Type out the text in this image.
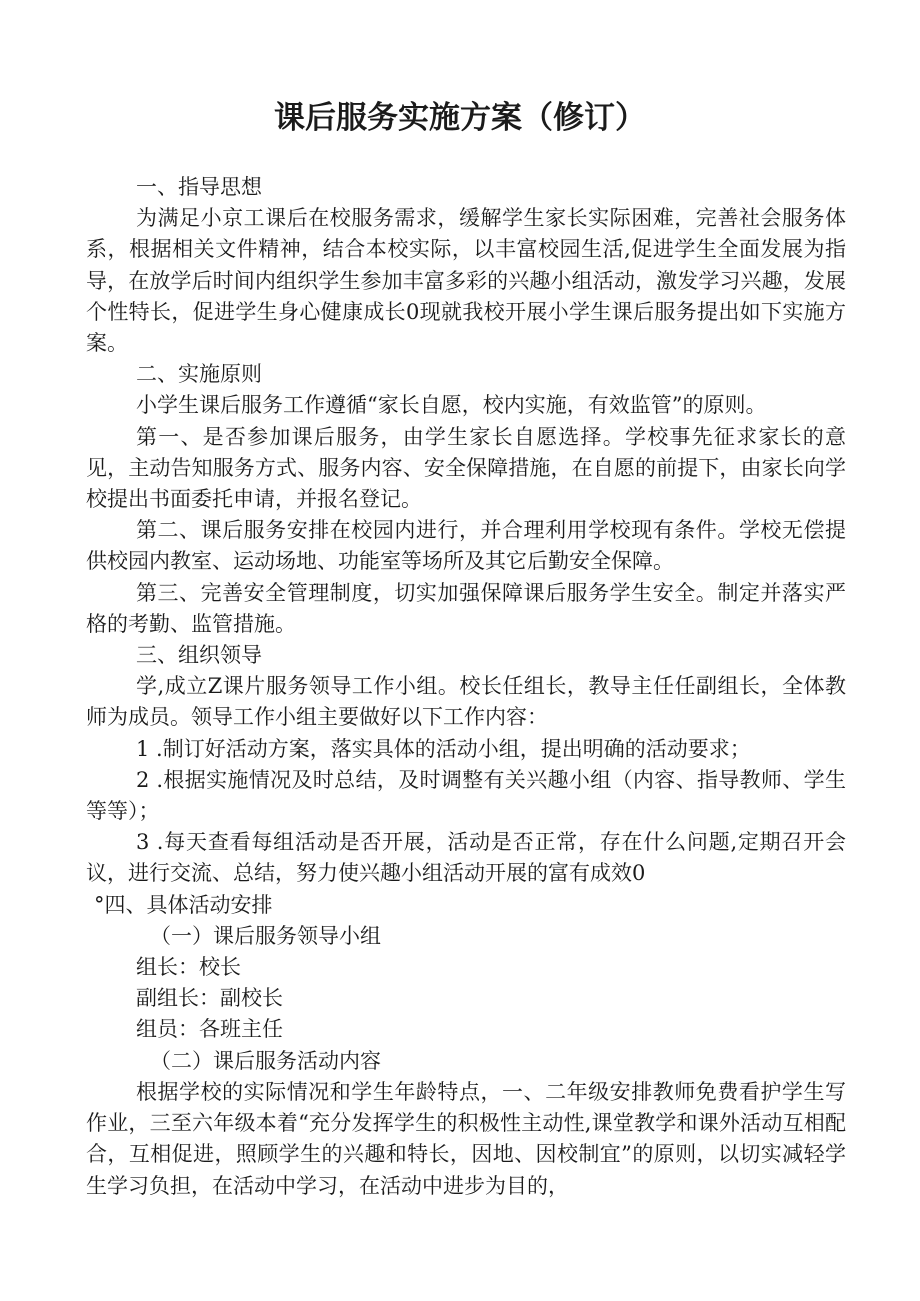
课后服务实施方案（修订）

一、指导思想

为满足小京工课后在校服务需求，缓解学生家长实际困难，完善社会服务体系，根据相关文件精神，结合本校实际，以丰富校园生活,促进学生全面发展为指导，在放学后时间内组织学生参加丰富多彩的兴趣小组活动，激发学习兴趣，发展个性特长，促进学生身心健康成长0现就我校开展小学生课后服务提出如下实施方案。

二、实施原则

小学生课后服务工作遵循“家长自愿，校内实施，有效监管”的原则。

第一、是否参加课后服务，由学生家长自愿选择。学校事先征求家长的意见，主动告知服务方式、服务内容、安全保障措施，在自愿的前提下，由家长向学校提出书面委托申请，并报名登记。

第二、课后服务安排在校园内进行，并合理利用学校现有条件。学校无偿提供校园内教室、运动场地、功能室等场所及其它后勤安全保障。

第三、完善安全管理制度，切实加强保障课后服务学生安全。制定并落实严格的考勤、监管措施。

三、组织领导

学,成立Z课片服务领导工作小组。校长任组长，教导主任任副组长，全体教师为成员。领导工作小组主要做好以下工作内容：

1 .制订好活动方案，落实具体的活动小组，提出明确的活动要求；

2 .根据实施情况及时总结，及时调整有关兴趣小组（内容、指导教师、学生等等）；

3 .每天查看每组活动是否开展，活动是否正常，存在什么问题,定期召开会议，进行交流、总结，努力使兴趣小组活动开展的富有成效0

°四、具体活动安排

（一）课后服务领导小组

组长：校长

副组长：副校长

组员：各班主任

（二）课后服务活动内容

根据学校的实际情况和学生年龄特点，一、二年级安排教师免费看护学生写作业，三至六年级本着“充分发挥学生的积极性主动性,课堂教学和课外活动互相配合，互相促进，照顾学生的兴趣和特长，因地、因校制宜”的原则，以切实减轻学生学习负担，在活动中学习，在活动中进步为目的，
